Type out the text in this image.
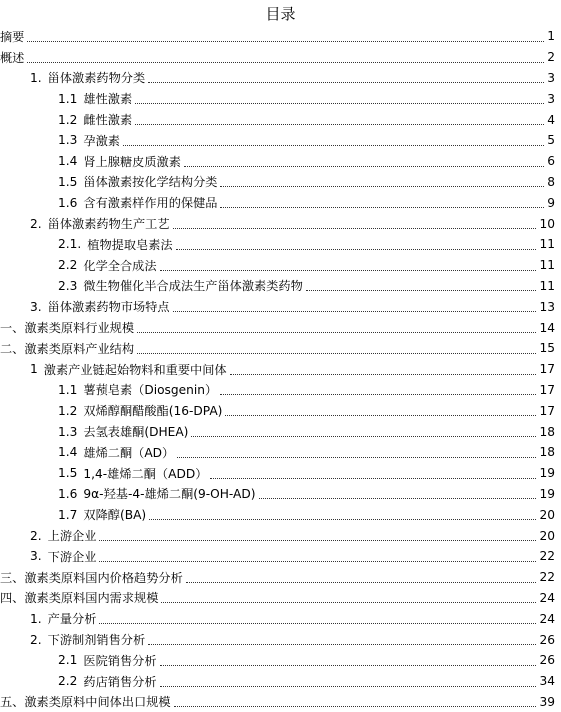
目录
摘要	1
概述	2
1. 甾体激素药物分类	3
1.1 雄性激素	3
1.2 雌性激素	4
1.3 孕激素	5
1.4 肾上腺糖皮质激素	6
1.5 甾体激素按化学结构分类	8
1.6 含有激素样作用的保健品	9
2. 甾体激素药物生产工艺	10
2.1. 植物提取皂素法	11
2.2 化学全合成法	11
2.3 微生物催化半合成法生产甾体激素类药物	11
3. 甾体激素药物市场特点	13
一、激素类原料行业规模	14
二、激素类原料产业结构	15
1 激素产业链起始物料和重要中间体	17
1.1 薯蓣皂素（Diosgenin）	17
1.2 双烯醇酮醋酸酯(16-DPA)	17
1.3 去氢表雄酮(DHEA)	18
1.4 雄烯二酮（AD）	18
1.5 1,4-雄烯二酮（ADD）	19
1.6 9α-羟基-4-雄烯二酮(9-OH-AD)	19
1.7 双降醇(BA)	20
2. 上游企业	20
3. 下游企业	22
三、激素类原料国内价格趋势分析	22
四、激素类原料国内需求规模	24
1. 产量分析	24
2. 下游制剂销售分析	26
2.1 医院销售分析	26
2.2 药店销售分析	34
五、激素类原料中间体出口规模	39
